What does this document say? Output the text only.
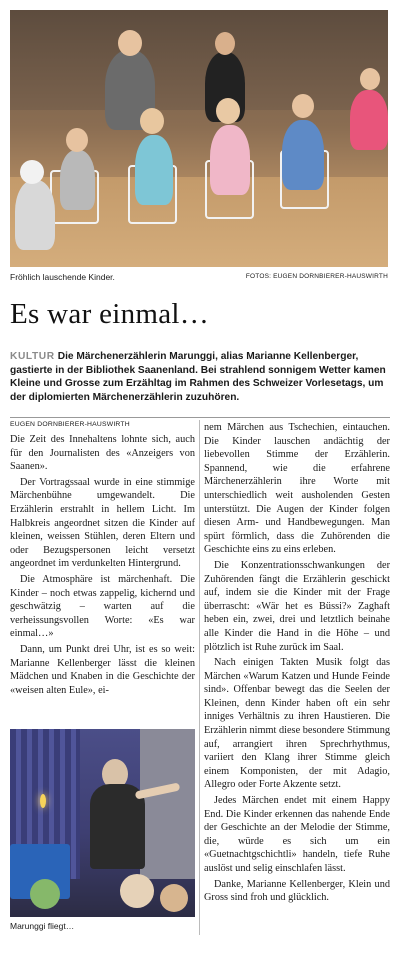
Fröhlich lauschende Kinder.	FOTOS: EUGEN DORNBIERER-HAUSWIRTH
Es war einmal…
KULTUR Die Märchenerzählerin Marunggi, alias Marianne Kellenberger, gastierte in der Bibliothek Saanenland. Bei strahlend sonnigem Wetter kamen Kleine und Grosse zum Erzähltag im Rahmen des Schweizer Vorlesetags, um der diplomierten Märchenerzählerin zuzuhören.
EUGEN DORNBIERER-HAUSWIRTH

Die Zeit des Innehaltens lohnte sich, auch für den Journalisten des «Anzeigers von Saanen».

Der Vortragssaal wurde in eine stimmige Märchenbühne umgewandelt. Die Erzählerin erstrahlt in hellem Licht. Im Halbkreis angeordnet sitzen die Kinder auf kleinen, weissen Stühlen, deren Eltern und oder Bezugspersonen leicht versetzt angeordnet im verdunkelten Hintergrund.

Die Atmosphäre ist märchenhaft. Die Kinder – noch etwas zappelig, kichernd und geschwätzig – warten auf die verheissungsvollen Worte: «Es war einmal…»

Dann, um Punkt drei Uhr, ist es so weit: Marianne Kellenberger lässt die kleinen Mädchen und Knaben in die Geschichte der «weisen alten Eule», ei-

nem Märchen aus Tschechien, eintauchen. Die Kinder lauschen andächtig der liebevollen Stimme der Erzählerin. Spannend, wie die erfahrene Märchenerzählerin ihre Worte mit unterschiedlich weit ausholenden Gesten unterstützt. Die Augen der Kinder folgen diesen Arm- und Handbewegungen. Man spürt förmlich, dass die Zuhörenden die Geschichte eins zu eins erleben.

Die Konzentrationsschwankungen der Zuhörenden fängt die Erzählerin geschickt auf, indem sie die Kinder mit der Frage überrascht: «Wär het es Büssi?» Zaghaft heben ein, zwei, drei und letztlich beinahe alle Kinder die Hand in die Höhe – und plötzlich ist Ruhe zurück im Saal.

Nach einigen Takten Musik folgt das Märchen «Warum Katzen und Hunde Feinde sind». Offenbar bewegt das die Seelen der Kleinen, denn Kinder haben oft ein sehr inniges Verhältnis zu ihren Haustieren. Die Erzählerin nimmt diese besondere Stimmung auf, arrangiert ihren Sprechrhythmus, variiert den Klang ihrer Stimme gleich einem Komponisten, der mit Adagio, Allegro oder Forte Akzente setzt.

Jedes Märchen endet mit einem Happy End. Die Kinder erkennen das nahende Ende der Geschichte an der Melodie der Stimme, die, würde es sich um ein «Guetnachtgschichtli» handeln, tiefe Ruhe auslöst und selig einschlafen lässt.

Danke, Marianne Kellenberger, Klein und Gross sind froh und glücklich.

Marunggi fliegt…
